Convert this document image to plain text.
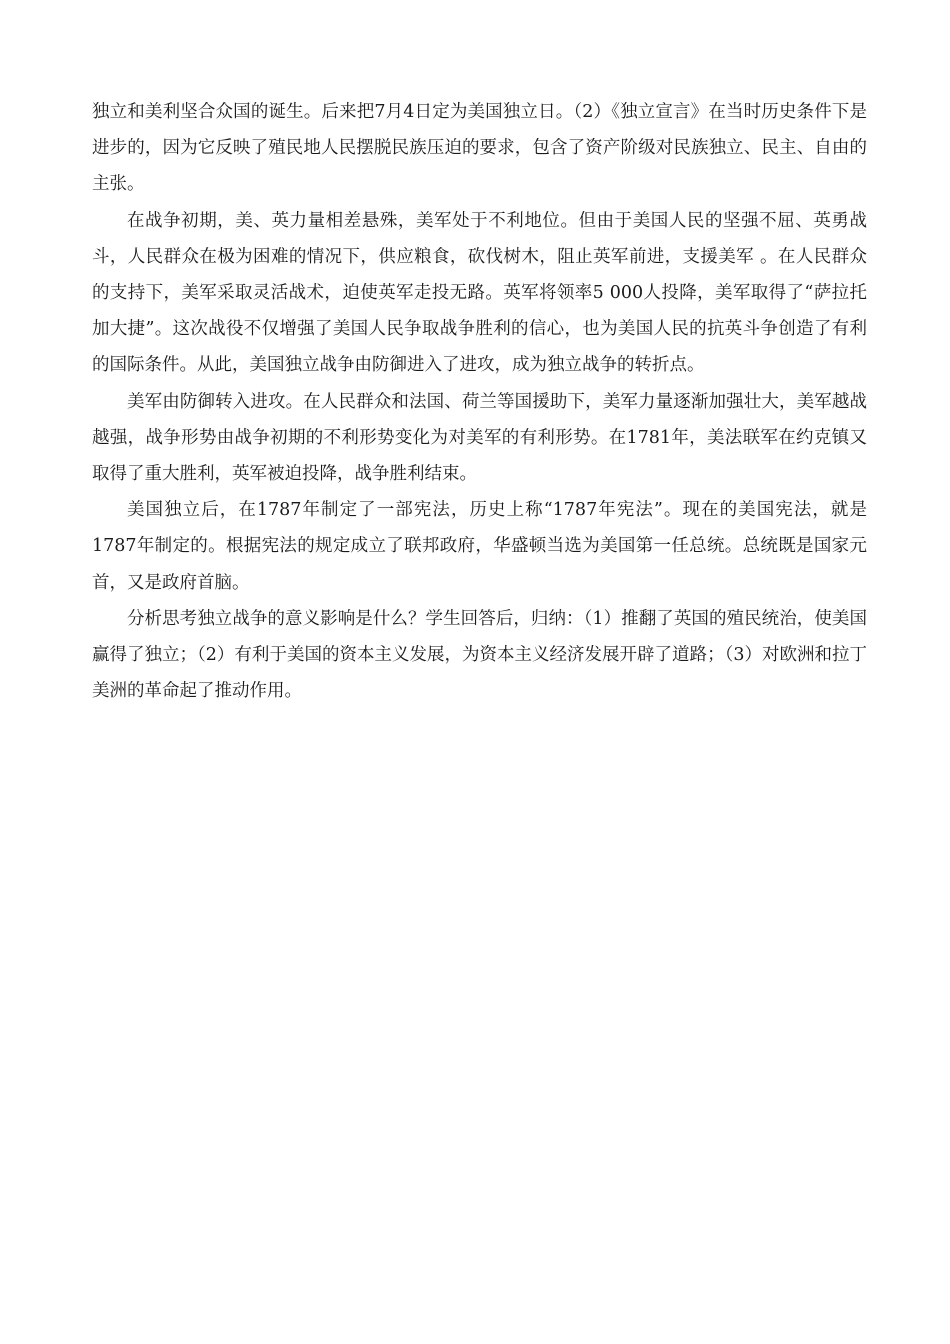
独立和美利坚合众国的诞生。后来把7月4日定为美国独立日。（2）《独立宣言》在当时历史条件下是进步的，因为它反映了殖民地人民摆脱民族压迫的要求，包含了资产阶级对民族独立、民主、自由的主张。

在战争初期，美、英力量相差悬殊，美军处于不利地位。但由于美国人民的坚强不屈、英勇战斗，人民群众在极为困难的情况下，供应粮食，砍伐树木，阻止英军前进，支援美军 。在人民群众的支持下，美军采取灵活战术，迫使英军走投无路。英军将领率5 000人投降，美军取得了“萨拉托加大捷”。这次战役不仅增强了美国人民争取战争胜利的信心，也为美国人民的抗英斗争创造了有利的国际条件。从此，美国独立战争由防御进入了进攻，成为独立战争的转折点。

美军由防御转入进攻。在人民群众和法国、荷兰等国援助下，美军力量逐渐加强壮大，美军越战越强，战争形势由战争初期的不利形势变化为对美军的有利形势。在1781年，美法联军在约克镇又取得了重大胜利，英军被迫投降，战争胜利结束。

美国独立后，在1787年制定了一部宪法，历史上称“1787年宪法”。现在的美国宪法，就是1787年制定的。根据宪法的规定成立了联邦政府，华盛顿当选为美国第一任总统。总统既是国家元首，又是政府首脑。

分析思考独立战争的意义影响是什么？学生回答后，归纳：（1）推翻了英国的殖民统治，使美国赢得了独立；（2）有利于美国的资本主义发展，为资本主义经济发展开辟了道路；（3）对欧洲和拉丁美洲的革命起了推动作用。
